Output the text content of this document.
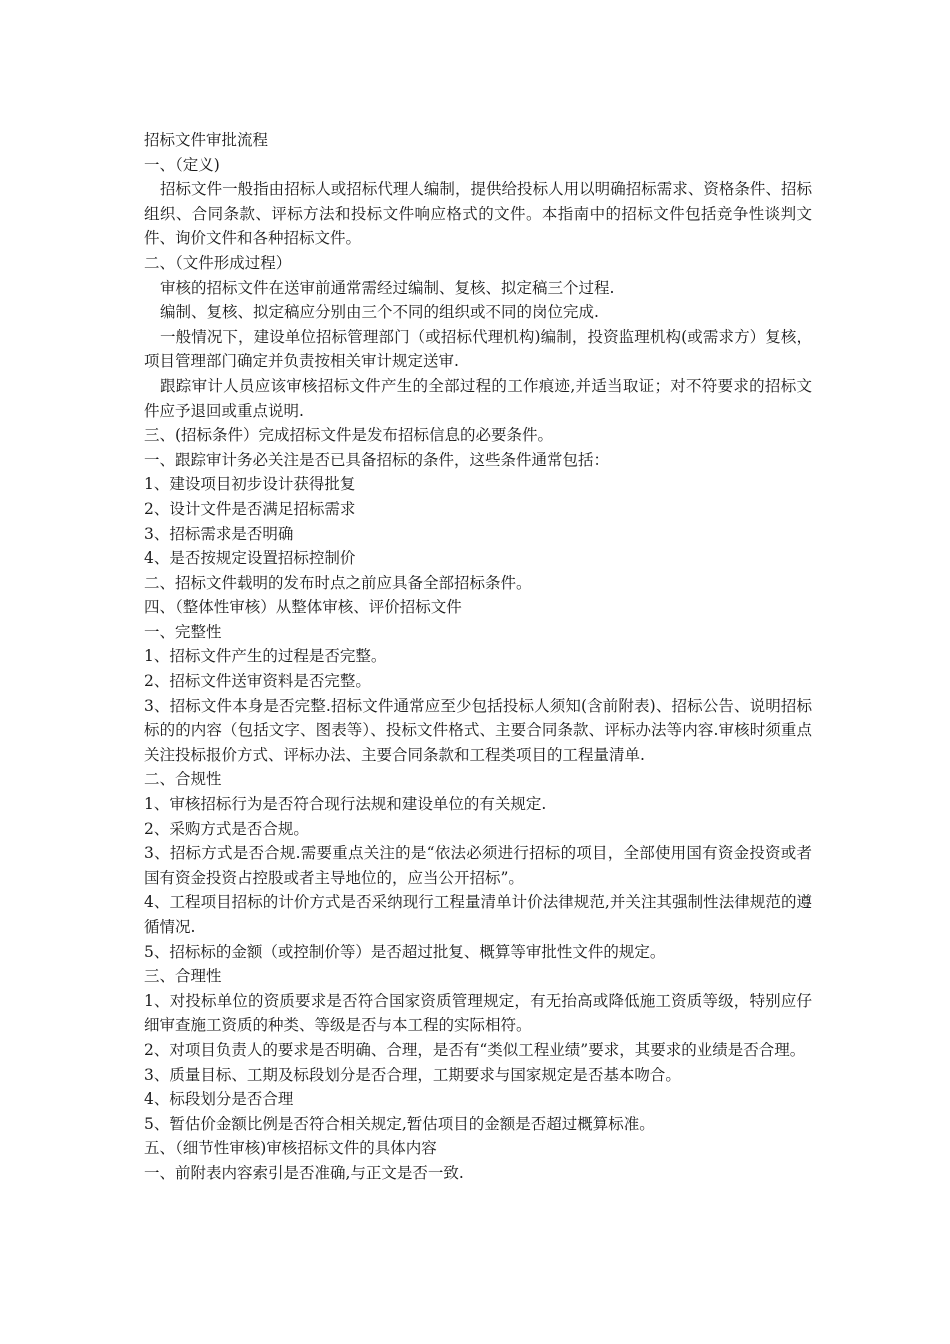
招标文件审批流程

一、（定义)

招标文件一般指由招标人或招标代理人编制，提供给投标人用以明确招标需求、资格条件、招标组织、合同条款、评标方法和投标文件响应格式的文件。本指南中的招标文件包括竞争性谈判文件、询价文件和各种招标文件。

二、（文件形成过程）

审核的招标文件在送审前通常需经过编制、复核、拟定稿三个过程.

编制、复核、拟定稿应分别由三个不同的组织或不同的岗位完成.

一般情况下，建设单位招标管理部门（或招标代理机构)编制，投资监理机构(或需求方）复核，项目管理部门确定并负责按相关审计规定送审.

跟踪审计人员应该审核招标文件产生的全部过程的工作痕迹,并适当取证；对不符要求的招标文件应予退回或重点说明.

三、(招标条件）完成招标文件是发布招标信息的必要条件。

一、跟踪审计务必关注是否已具备招标的条件，这些条件通常包括：

1、建设项目初步设计获得批复

2、设计文件是否满足招标需求

3、招标需求是否明确

4、是否按规定设置招标控制价

二、招标文件载明的发布时点之前应具备全部招标条件。

四、（整体性审核）从整体审核、评价招标文件

一、完整性

1、招标文件产生的过程是否完整。

2、招标文件送审资料是否完整。

3、招标文件本身是否完整.招标文件通常应至少包括投标人须知(含前附表)、招标公告、说明招标标的的内容（包括文字、图表等）、投标文件格式、主要合同条款、评标办法等内容.审核时须重点关注投标报价方式、评标办法、主要合同条款和工程类项目的工程量清单.

二、合规性

1、审核招标行为是否符合现行法规和建设单位的有关规定.

2、采购方式是否合规。

3、招标方式是否合规.需要重点关注的是“依法必须进行招标的项目，全部使用国有资金投资或者国有资金投资占控股或者主导地位的，应当公开招标”。

4、工程项目招标的计价方式是否采纳现行工程量清单计价法律规范,并关注其强制性法律规范的遵循情况.

5、招标标的金额（或控制价等）是否超过批复、概算等审批性文件的规定。

三、合理性

1、对投标单位的资质要求是否符合国家资质管理规定，有无抬高或降低施工资质等级，特别应仔细审查施工资质的种类、等级是否与本工程的实际相符。

2、对项目负责人的要求是否明确、合理，是否有“类似工程业绩”要求，其要求的业绩是否合理。

3、质量目标、工期及标段划分是否合理，工期要求与国家规定是否基本吻合。

4、标段划分是否合理

5、暂估价金额比例是否符合相关规定,暂估项目的金额是否超过概算标准。

五、（细节性审核)审核招标文件的具体内容

一、前附表内容索引是否准确,与正文是否一致.
